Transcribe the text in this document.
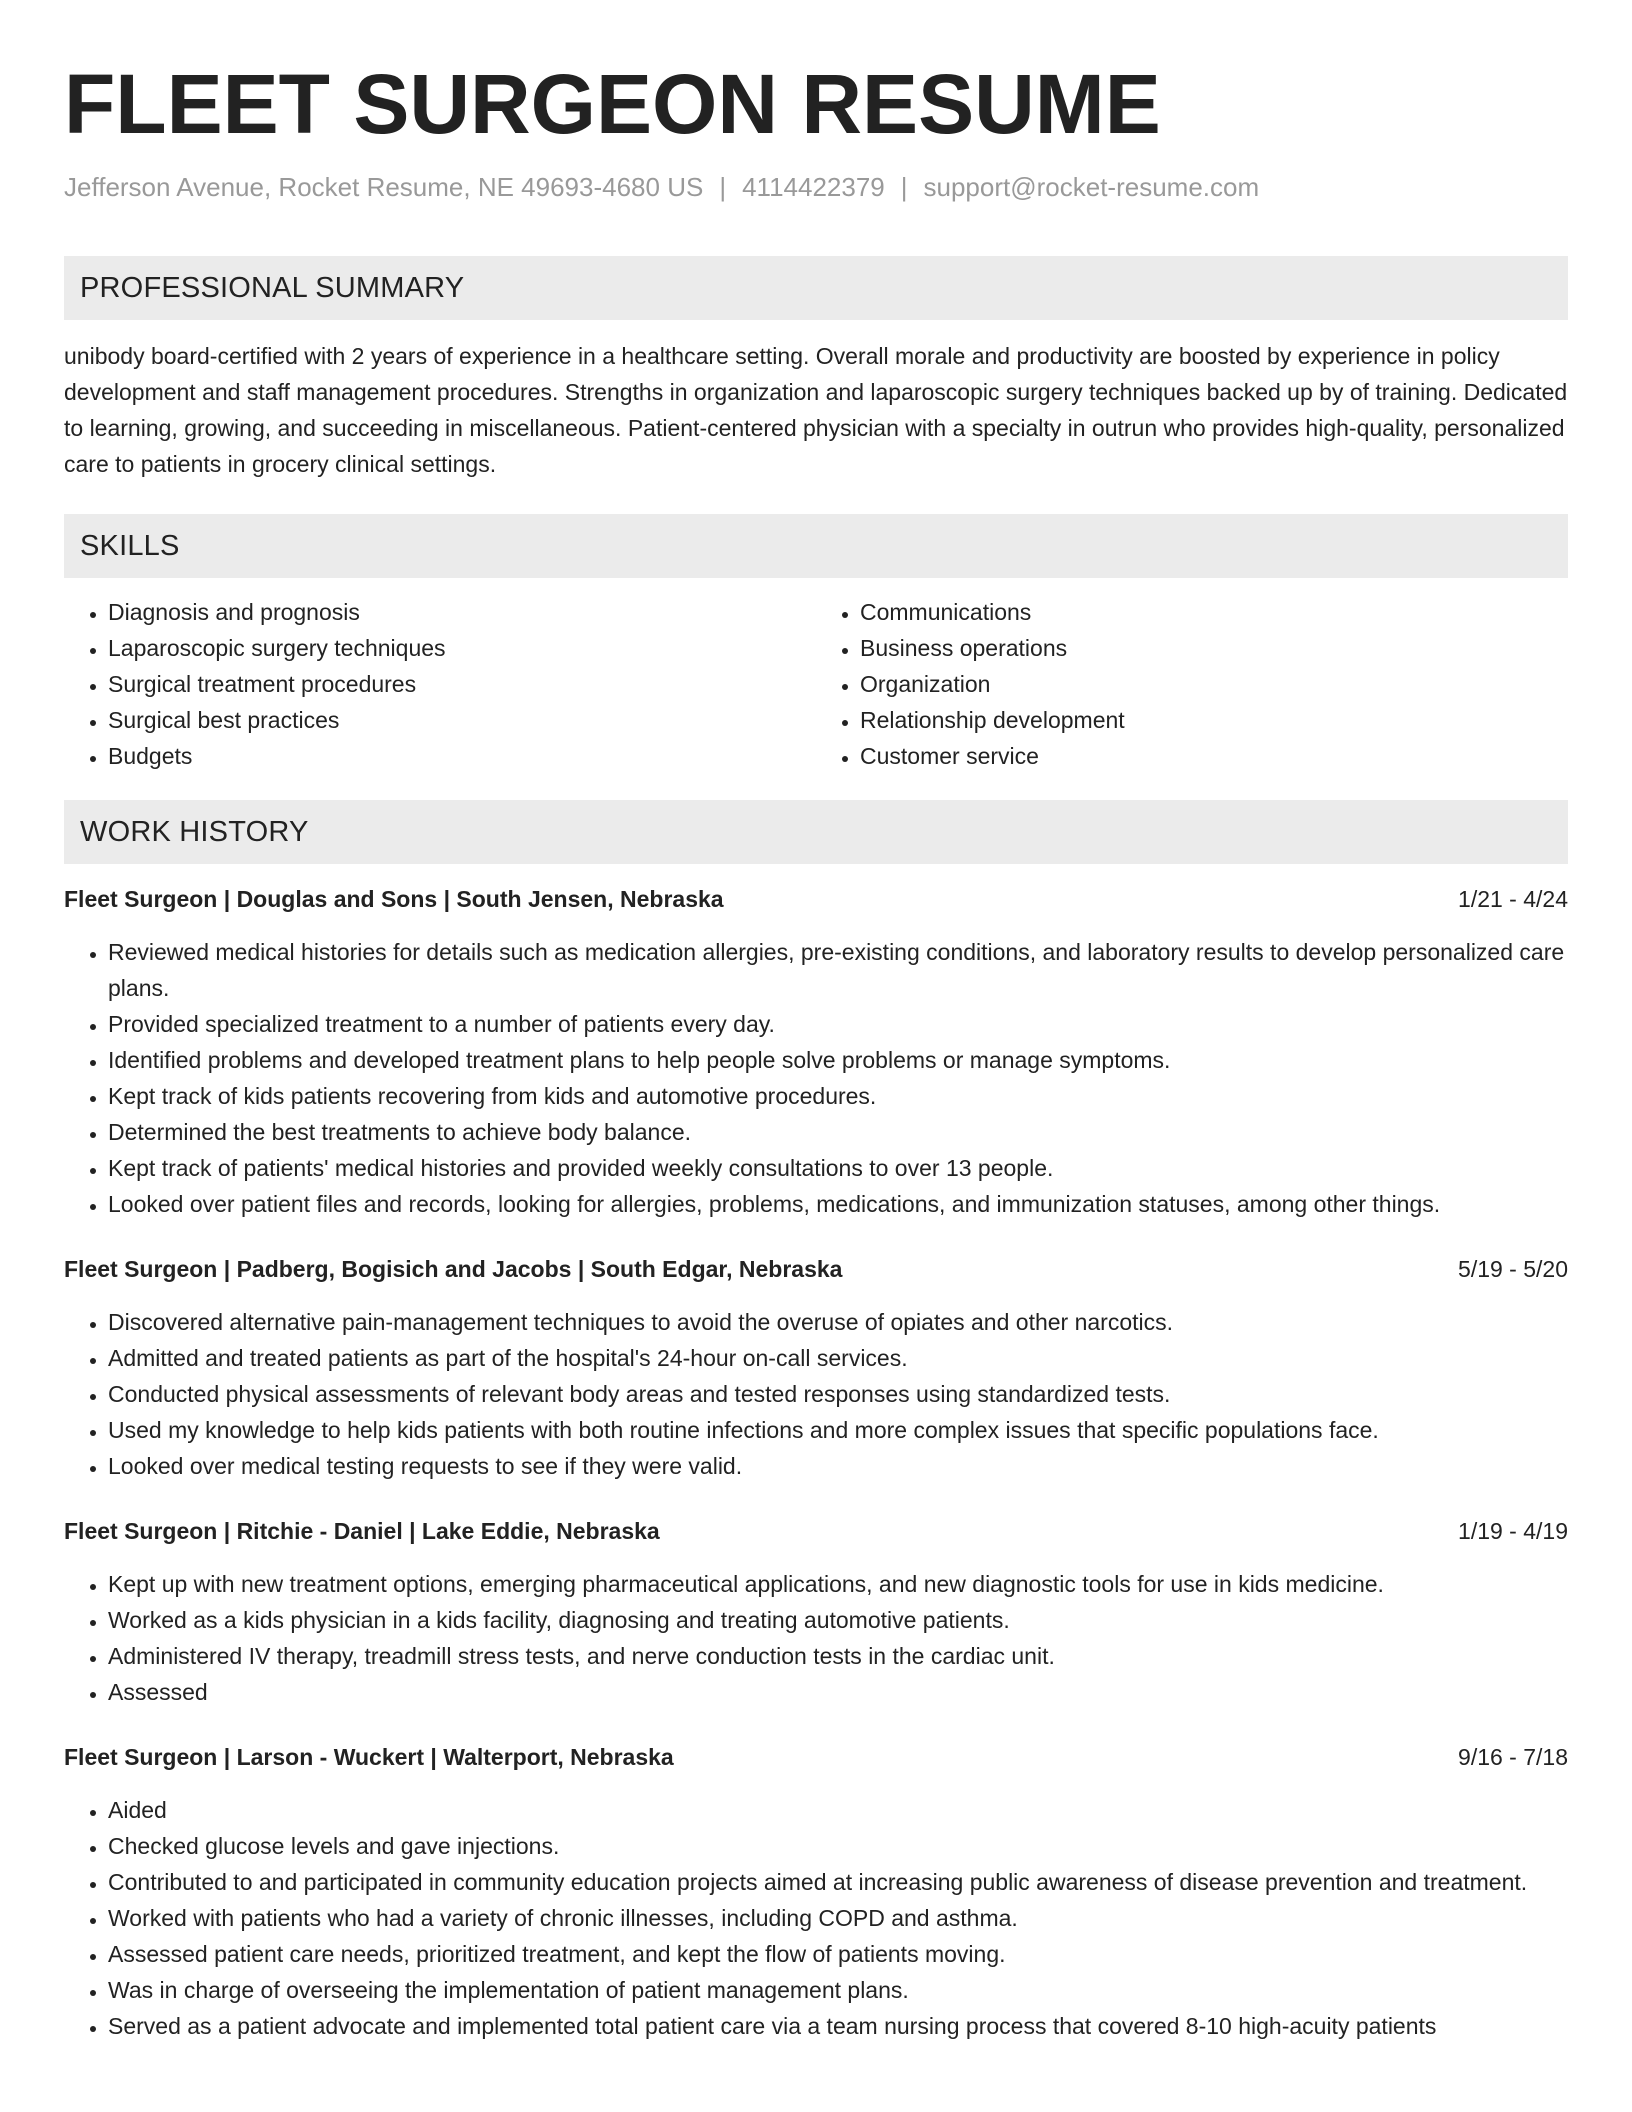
FLEET SURGEON RESUME
Jefferson Avenue, Rocket Resume, NE 49693-4680 US | 4114422379 | support@rocket-resume.com
PROFESSIONAL SUMMARY

unibody board-certified with 2 years of experience in a healthcare setting. Overall morale and productivity are boosted by experience in policy development and staff management procedures. Strengths in organization and laparoscopic surgery techniques backed up by of training. Dedicated to learning, growing, and succeeding in miscellaneous. Patient-centered physician with a specialty in outrun who provides high-quality, personalized care to patients in grocery clinical settings.

SKILLS
• Diagnosis and prognosis
• Laparoscopic surgery techniques
• Surgical treatment procedures
• Surgical best practices
• Budgets
• Communications
• Business operations
• Organization
• Relationship development
• Customer service
WORK HISTORY
Fleet Surgeon | Douglas and Sons | South Jensen, Nebraska	1/21 - 4/24
• Reviewed medical histories for details such as medication allergies, pre-existing conditions, and laboratory results to develop personalized care plans.
• Provided specialized treatment to a number of patients every day.
• Identified problems and developed treatment plans to help people solve problems or manage symptoms.
• Kept track of kids patients recovering from kids and automotive procedures.
• Determined the best treatments to achieve body balance.
• Kept track of patients' medical histories and provided weekly consultations to over 13 people.
• Looked over patient files and records, looking for allergies, problems, medications, and immunization statuses, among other things.
Fleet Surgeon | Padberg, Bogisich and Jacobs | South Edgar, Nebraska	5/19 - 5/20
• Discovered alternative pain-management techniques to avoid the overuse of opiates and other narcotics.
• Admitted and treated patients as part of the hospital's 24-hour on-call services.
• Conducted physical assessments of relevant body areas and tested responses using standardized tests.
• Used my knowledge to help kids patients with both routine infections and more complex issues that specific populations face.
• Looked over medical testing requests to see if they were valid.
Fleet Surgeon | Ritchie - Daniel | Lake Eddie, Nebraska	1/19 - 4/19
• Kept up with new treatment options, emerging pharmaceutical applications, and new diagnostic tools for use in kids medicine.
• Worked as a kids physician in a kids facility, diagnosing and treating automotive patients.
• Administered IV therapy, treadmill stress tests, and nerve conduction tests in the cardiac unit.
• Assessed
Fleet Surgeon | Larson - Wuckert | Walterport, Nebraska	9/16 - 7/18
• Aided
• Checked glucose levels and gave injections.
• Contributed to and participated in community education projects aimed at increasing public awareness of disease prevention and treatment.
• Worked with patients who had a variety of chronic illnesses, including COPD and asthma.
• Assessed patient care needs, prioritized treatment, and kept the flow of patients moving.
• Was in charge of overseeing the implementation of patient management plans.
• Served as a patient advocate and implemented total patient care via a team nursing process that covered 8-10 high-acuity patients
